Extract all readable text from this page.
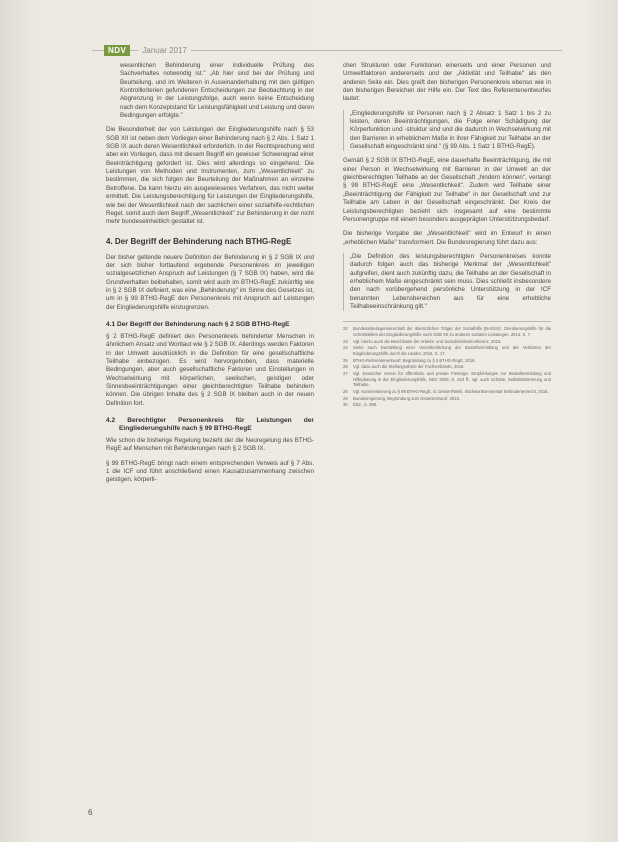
NDV	Januar 2017

wesentlichen Behinderung einer individuelle Prüfung des Sachverhaltes notwendig ist." „Ab hier sind bei der Prüfung und Beurteilung, und im Weiteren in Auseinanderhaltung mit den gültigen Kontrollkriterien gefundenen Entscheidungen zur Beobachtung in der Abgrenzung in der Leistungsfolge, auch wenn keine Entscheidung nach dem Konzeptstand für Leistungsfähigkeit und Leistung und deren Bedingungen erfolgte."

Die Besonderheit der von Leistungen der Eingliederungshilfe nach § 53 SGB XII ist neben dem Vorliegen einer Behinderung nach § 2 Abs. 1 Satz 1 SGB IX auch deren Wesentlichkeit erforderlich. In der Rechtsprechung wird aber ein Vorliegen, dass mit diesem Begriff ein gewisser Schweregrad einer Beeinträchtigung gefordert ist. Dies wird allerdings so eingehend. Die Leistungen von Methoden und Instrumenten, zum „Wesentlichkeit" zu bestimmen, die sich folgen der Beurteilung der Maßnahmen an einzelne Betroffene. Da kann hierzu ein ausgewiesenes Verfahren, das nicht weiter ermittelt. Die Leistungsberechtigung für Leistungen der Eingliederungshilfe, wie bei der Wesentlichkeit nach der sachlichen einer sozialhilfe-rechtlichen Regel, somit auch dem Begriff „Wesentlichkeit" zur Behinderung in der nicht mehr bundeseinheitlich gestaltet ist.

4. Der Begriff der Behinderung nach BTHG-RegE

Der bisher geltende neuere Definition der Behinderung in § 2 SGB IX und der sich bisher fortlaufend ergebende Personenkreis im jeweiligen sozialgesetzlichen Anspruch auf Leistungen (§ 7 SGB IX) haben, wird die Grundverhalten beibehalten, somit wird auch im BTHG-RegE zukünftig wie in § 2 SGB IX definiert, was eine „Behinderung" im Sinne des Gesetzes ist, um in § 99 BTHG-RegE den Personenkreis mit Anspruch auf Leistungen der Eingliederungshilfe einzugrenzen.

4.1 Der Begriff der Behinderung nach § 2 SGB BTHG-RegE

§ 2 BTHG-RegE definiert den Personenkreis behinderter Menschen in ähnlichem Ansatz und Wortlaut wie § 2 SGB IX. Allerdings werden Faktoren in der Umwelt ausdrücklich in die Definition für eine gesellschaftliche Teilhabe einbezogen. Es wird hervorgehoben, dass materielle Bedingungen, aber auch gesellschaftliche Faktoren und Einstellungen in Wechselwirkung mit körperlichen, seelischen, geistigen oder Sinnesbeeinträchtigungen einer gleichberechtigten Teilhabe behindern können. Die übrigen Inhalte des § 2 SGB IX bleiben auch in der neuen Definition fort.

4.2 Berechtigter Personenkreis für Leistungen der Eingliederungshilfe nach § 99 BTHG-RegE

Wie schon die bisherige Regelung bezieht der die Neuregelung des BTHG-RegE auf Menschen mit Behinderungen nach § 2 SGB IX.

§ 99 BTHG-RegE bringt nach einem entsprechenden Verweis auf § 7 Abs. 1 die ICF und führt anschließend einen Kausalzusammenhang zwischen geistigen, körperli-

chen Strukturen oder Funktionen einerseits und einer Personen und Umweltfaktoren andererseits und der „Aktivität und Teilhabe" als den anderen Seite ein. Dies greift den bisherigen Personenkreis ebenso wie in den bisherigen Bereichen der Hilfe ein. Der Text des Referentenentwurfes lautet:

„Eingliederungshilfe ist Personen nach § 2 Absatz 1 Satz 1 bis 2 zu leisten, deren Beeinträchtigungen, die Folge einer Schädigung der Körperfunktion und -struktur sind und die dadurch in Wechselwirkung mit den Barrieren in erheblichem Maße in ihrer Fähigkeit zur Teilhabe an der Gesellschaft eingeschränkt sind." (§ 99 Abs. 1 Satz 1 BTHG-RegE).

Gemäß § 2 SGB IX BTHG-RegE, eine dauerhafte Beeinträchtigung, die mit einer Person in Wechselwirkung mit Barrieren in der Umwelt an der gleichberechtigten Teilhabe an der Gesellschaft „hindern können", verlangt § 99 BTHG-RegE eine „Wesentlichkeit". Zudem wird Teilhabe einer „Beeinträchtigung der Fähigkeit zur Teilhabe" in der Gesellschaft und zur Teilhabe am Leben in der Gesellschaft eingeschränkt. Der Kreis der Leistungsberechtigten bezieht sich insgesamt auf eine bestimmte Personengruppe mit einem besonders ausgeprägten Unterstützungsbedarf.

Die bisherige Vorgabe der „Wesentlichkeit" wird im Entwurf in einen „erheblichen Maße" transformiert. Die Bundesregierung führt dazu aus:

„Die Definition des leistungsberechtigten Personenkreises konnte dadurch folgen auch das bisherige Merkmal der „Wesentlichkeit" aufgreifen, dient auch zukünftig dazu, die Teilhabe an der Gesellschaft in erheblichem Maße eingeschränkt sein muss. Dies schließt insbesondere den nach vorübergehend persönliche Unterstützung in der ICF benannten Lebensbereichen aus für eine erhebliche Teilhabeeinschränkung gilt."

22	Bundesarbeitsgemeinschaft der überörtlichen Träger der Sozialhilfe (BAGüS): Orientierungshilfe für die Schnittstellen der Eingliederungshilfe nach SGB XII zu anderen sozialen Leistungen, 2013, S. 7.
23	Vgl. hierzu auch die Beschlüsse der Arbeits- und Sozialministerkonferenz, 2015.
24	Siehe nach Darstellung einer Vereinheitlichung der Bedarfsermittlung und der Verfahren der Eingliederungshilfe durch die Länder, 2016, S. 17.
25	BTHG-Referentenentwurf, Begründung zu § 2 BTHG-RegE, 2016.
26	Vgl. dazu auch die Stellungnahme der Fachverbände, 2016.
27	Vgl. Deutscher Verein für öffentliche und private Fürsorge: Empfehlungen zur Bedarfsermittlung und Hilfeplanung in der Eingliederungshilfe, NDV 2009, S. 253 ff.; vgl. auch Schütte, Selbstbestimmung und Teilhabe.
28	Vgl. Kommentierung zu § 99 BTHG-RegE, in: Deinert/Welti, Stichwortkommentar Behindertenrecht, 2016.
29	Bundesregierung, Begründung zum Gesetzentwurf, 2016.
30	Ebd., S. 288.
6
